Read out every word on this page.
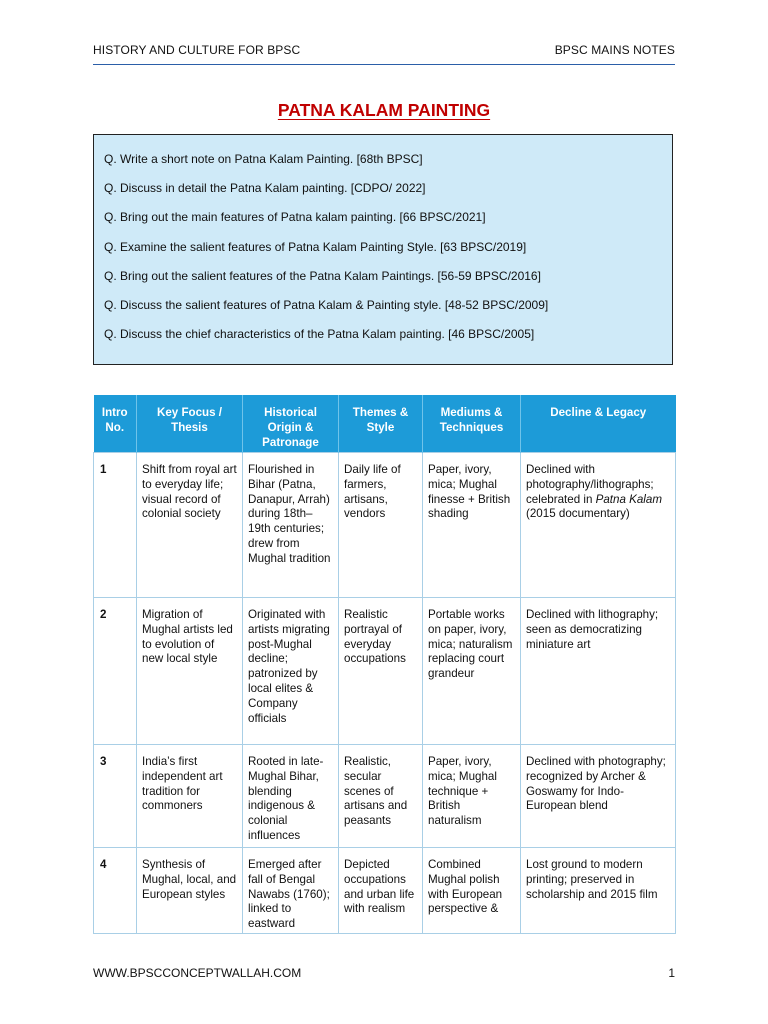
HISTORY AND CULTURE FOR BPSC	BPSC MAINS NOTES
PATNA KALAM PAINTING
Q. Write a short note on Patna Kalam Painting. [68th BPSC]
Q. Discuss in detail the Patna Kalam painting. [CDPO/ 2022]
Q. Bring out the main features of Patna kalam painting. [66 BPSC/2021]
Q. Examine the salient features of Patna Kalam Painting Style. [63 BPSC/2019]
Q. Bring out the salient features of the Patna Kalam Paintings. [56-59 BPSC/2016]
Q. Discuss the salient features of Patna Kalam & Painting style. [48-52 BPSC/2009]
Q. Discuss the chief characteristics of the Patna Kalam painting. [46 BPSC/2005]
Intro No.	Key Focus / Thesis	Historical Origin & Patronage	Themes & Style	Mediums & Techniques	Decline & Legacy
1	Shift from royal art to everyday life; visual record of colonial society	Flourished in Bihar (Patna, Danapur, Arrah) during 18th–19th centuries; drew from Mughal tradition	Daily life of farmers, artisans, vendors	Paper, ivory, mica; Mughal finesse + British shading	Declined with photography/lithographs; celebrated in Patna Kalam (2015 documentary)
2	Migration of Mughal artists led to evolution of new local style	Originated with artists migrating post-Mughal decline; patronized by local elites & Company officials	Realistic portrayal of everyday occupations	Portable works on paper, ivory, mica; naturalism replacing court grandeur	Declined with lithography; seen as democratizing miniature art
3	India’s first independent art tradition for commoners	Rooted in late-Mughal Bihar, blending indigenous & colonial influences	Realistic, secular scenes of artisans and peasants	Paper, ivory, mica; Mughal technique + British naturalism	Declined with photography; recognized by Archer & Goswamy for Indo-European blend
4	Synthesis of Mughal, local, and European styles	Emerged after fall of Bengal Nawabs (1760); linked to eastward	Depicted occupations and urban life with realism	Combined Mughal polish with European perspective &	Lost ground to modern printing; preserved in scholarship and 2015 film
WWW.BPSCCONCEPTWALLAH.COM	1
